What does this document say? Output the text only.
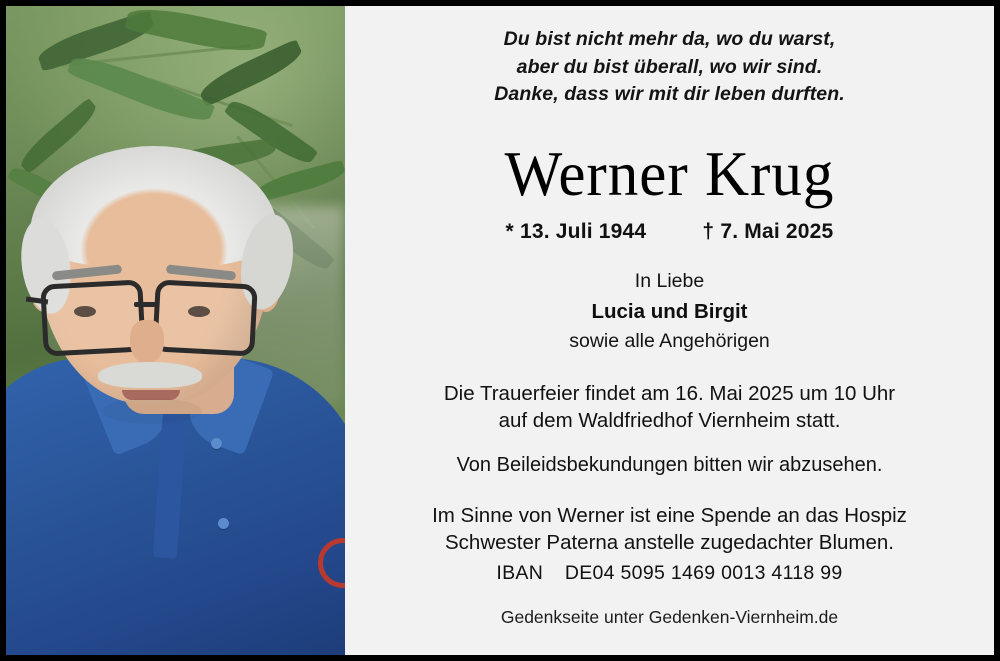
Du bist nicht mehr da, wo du warst,
aber du bist überall, wo wir sind.
Danke, dass wir mit dir leben durften.
Werner Krug
* 13. Juli 1944	† 7. Mai 2025
In Liebe
Lucia und Birgit
sowie alle Angehörigen
Die Trauerfeier findet am 16. Mai 2025 um 10 Uhr
auf dem Waldfriedhof Viernheim statt.
Von Beileidsbekundungen bitten wir abzusehen.
Im Sinne von Werner ist eine Spende an das Hospiz
Schwester Paterna anstelle zugedachter Blumen.
IBAN DE04 5095 1469 0013 4118 99
Gedenkseite unter Gedenken-Viernheim.de
